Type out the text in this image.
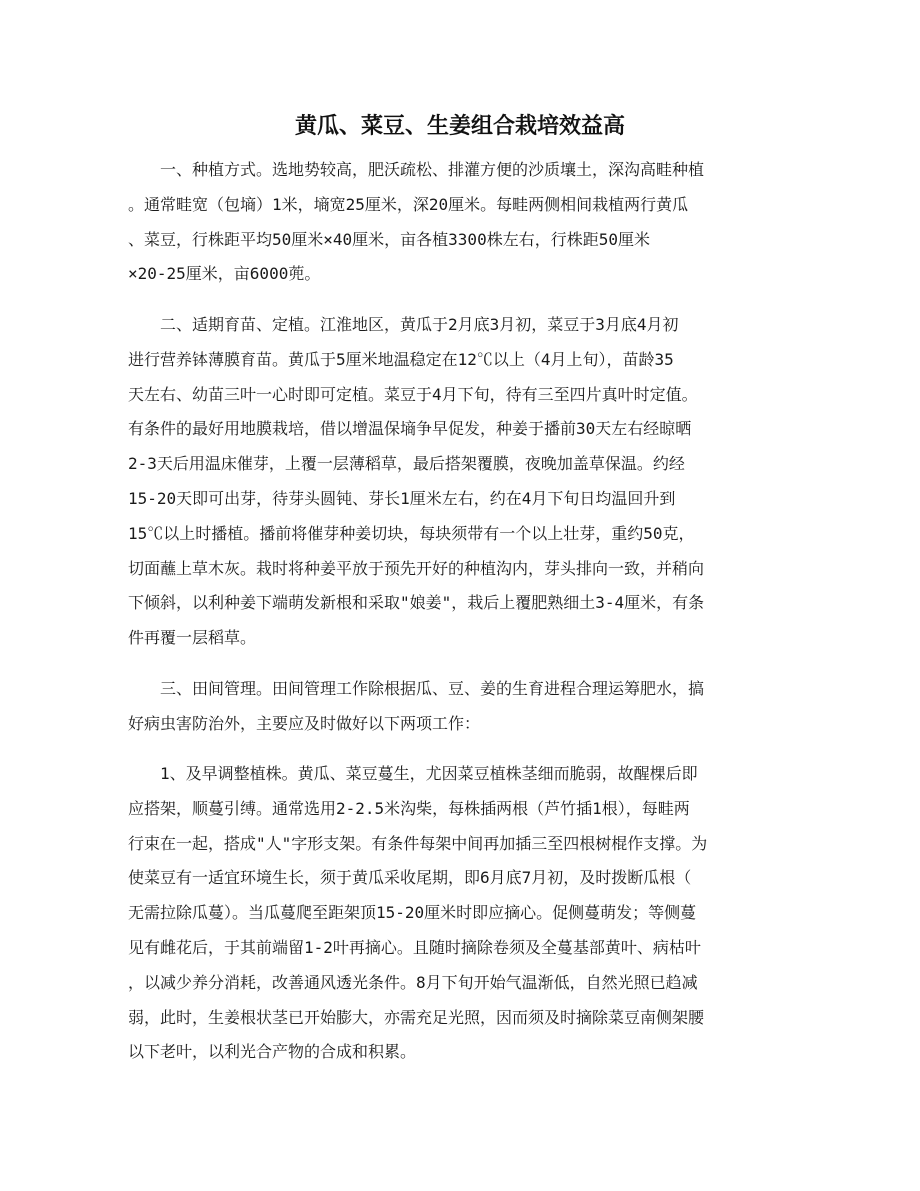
黄瓜、菜豆、生姜组合栽培效益高
　　一、种植方式。选地势较高，肥沃疏松、排灌方便的沙质壤土，深沟高畦种植
。通常畦宽（包墒）1米，墒宽25厘米，深20厘米。每畦两侧相间栽植两行黄瓜
、菜豆，行株距平均50厘米×40厘米，亩各植3300株左右，行株距50厘米
×20-25厘米，亩6000蔸。
　　二、适期育苗、定植。江淮地区，黄瓜于2月底3月初，菜豆于3月底4月初
进行营养钵薄膜育苗。黄瓜于5厘米地温稳定在12℃以上（4月上旬），苗龄35
天左右、幼苗三叶一心时即可定植。菜豆于4月下旬，待有三至四片真叶时定值。
有条件的最好用地膜栽培，借以增温保墒争早促发，种姜于播前30天左右经晾晒
2-3天后用温床催芽，上覆一层薄稻草，最后搭架覆膜，夜晚加盖草保温。约经
15-20天即可出芽，待芽头圆钝、芽长1厘米左右，约在4月下旬日均温回升到
15℃以上时播植。播前将催芽种姜切块，每块须带有一个以上壮芽，重约50克，
切面蘸上草木灰。栽时将种姜平放于预先开好的种植沟内，芽头排向一致，并稍向
下倾斜，以利种姜下端萌发新根和采取"娘姜"，栽后上覆肥熟细土3-4厘米，有条
件再覆一层稻草。
　　三、田间管理。田间管理工作除根据瓜、豆、姜的生育进程合理运筹肥水，搞
好病虫害防治外，主要应及时做好以下两项工作：
　　1、及早调整植株。黄瓜、菜豆蔓生，尤因菜豆植株茎细而脆弱，故醒棵后即
应搭架，顺蔓引缚。通常选用2-2.5米沟柴，每株插两根（芦竹插1根），每畦两
行束在一起，搭成"人"字形支架。有条件每架中间再加插三至四根树棍作支撑。为
使菜豆有一适宜环境生长，须于黄瓜采收尾期，即6月底7月初，及时拨断瓜根（
无需拉除瓜蔓）。当瓜蔓爬至距架顶15-20厘米时即应摘心。促侧蔓萌发；等侧蔓
见有雌花后，于其前端留1-2叶再摘心。且随时摘除卷须及全蔓基部黄叶、病枯叶
，以减少养分消耗，改善通风透光条件。8月下旬开始气温渐低，自然光照已趋减
弱，此时，生姜根状茎已开始膨大，亦需充足光照，因而须及时摘除菜豆南侧架腰
以下老叶，以利光合产物的合成和积累。
